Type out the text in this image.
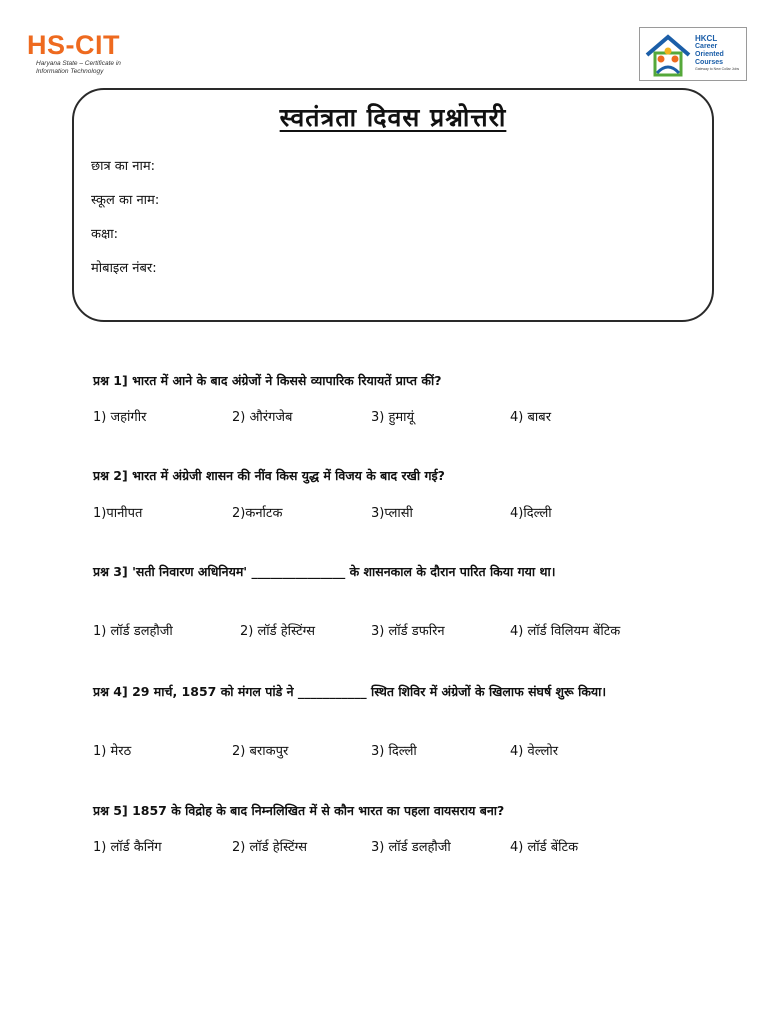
HS-CIT
Haryana State – Certificate in
Information Technology
HKCL
Career
Oriented
Courses
Gateway to New Collar Jobs
स्वतंत्रता दिवस प्रश्नोत्तरी
छात्र का नाम:
स्कूल का नाम:
कक्षा:
मोबाइल नंबर:
प्रश्न 1] भारत में आने के बाद अंग्रेजों ने किससे व्यापारिक रियायतें प्राप्त कीं?
1) जहांगीर	2) औरंगजेब	3) हुमायूं	4) बाबर
प्रश्न 2] भारत में अंग्रेजी शासन की नींव किस युद्ध में विजय के बाद रखी गई?
1)पानीपत	2)कर्नाटक	3)प्लासी	4)दिल्ली
प्रश्न 3] 'सती निवारण अधिनियम' _______________ के शासनकाल के दौरान पारित किया गया था।
1) लॉर्ड डलहौजी	2) लॉर्ड हेस्टिंग्स	3) लॉर्ड डफरिन	4) लॉर्ड विलियम बेंटिक
प्रश्न 4] 29 मार्च, 1857 को मंगल पांडे ने ___________ स्थित शिविर में अंग्रेजों के खिलाफ संघर्ष शुरू किया।
1) मेरठ	2) बराकपुर	3) दिल्ली	4) वेल्लोर
प्रश्न 5] 1857 के विद्रोह के बाद निम्नलिखित में से कौन भारत का पहला वायसराय बना?
1) लॉर्ड कैनिंग	2) लॉर्ड हेस्टिंग्स	3) लॉर्ड डलहौजी	4) लॉर्ड बेंटिक
